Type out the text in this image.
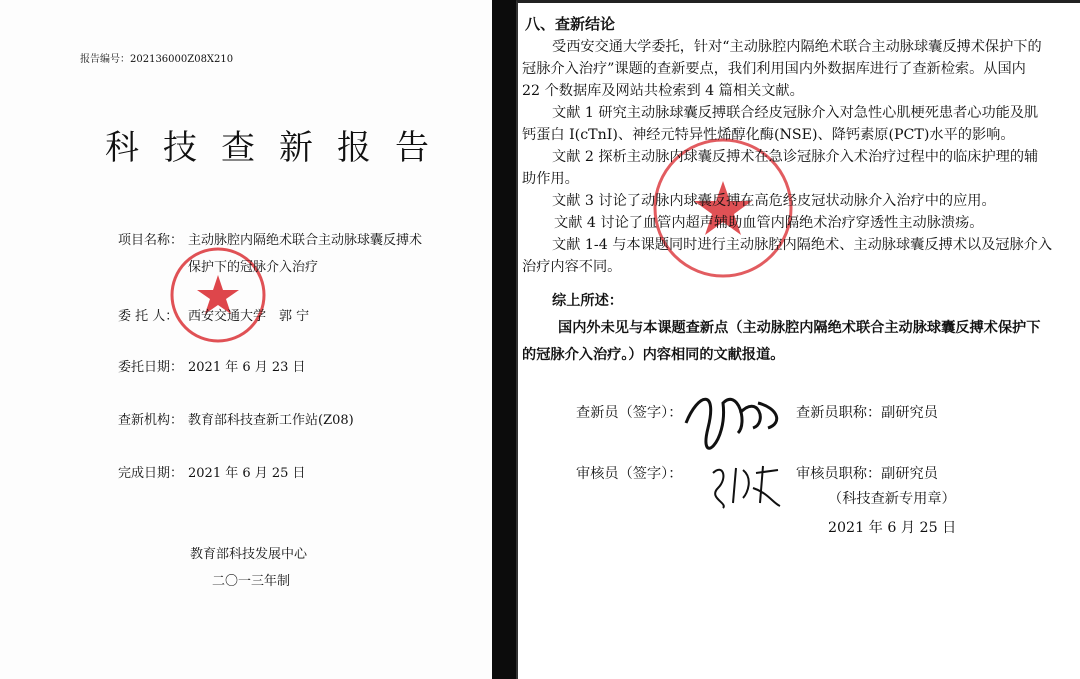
报告编号：202136000Z08X210
科技查新报告
项目名称： 主动脉腔内隔绝术联合主动脉球囊反搏术
保护下的冠脉介入治疗
委 托 人： 西安交通大学　郭 宁
委托日期： 2021 年 6 月 23 日
查新机构： 教育部科技查新工作站(Z08)
完成日期： 2021 年 6 月 25 日
教育部科技发展中心
二〇一三年制
八、查新结论
受西安交通大学委托，针对“主动脉腔内隔绝术联合主动脉球囊反搏术保护下的
冠脉介入治疗”课题的查新要点，我们利用国内外数据库进行了查新检索。从国内
22 个数据库及网站共检索到 4 篇相关文献。
文献 1 研究主动脉球囊反搏联合经皮冠脉介入对急性心肌梗死患者心功能及肌
钙蛋白 I(cTnI)、神经元特异性烯醇化酶(NSE)、降钙素原(PCT)水平的影响。
文献 2 探析主动脉内球囊反搏术在急诊冠脉介入术治疗过程中的临床护理的辅
助作用。
文献 3 讨论了动脉内球囊反搏在高危经皮冠状动脉介入治疗中的应用。
文献 4 讨论了血管内超声辅助血管内隔绝术治疗穿透性主动脉溃疡。
文献 1-4 与本课题同时进行主动脉腔内隔绝术、主动脉球囊反搏术以及冠脉介入
治疗内容不同。
综上所述：
国内外未见与本课题查新点（主动脉腔内隔绝术联合主动脉球囊反搏术保护下
的冠脉介入治疗。）内容相同的文献报道。
查新员（签字）：	查新员职称：副研究员
审核员（签字）：	审核员职称：副研究员
（科技查新专用章）
2021 年 6 月 25 日
